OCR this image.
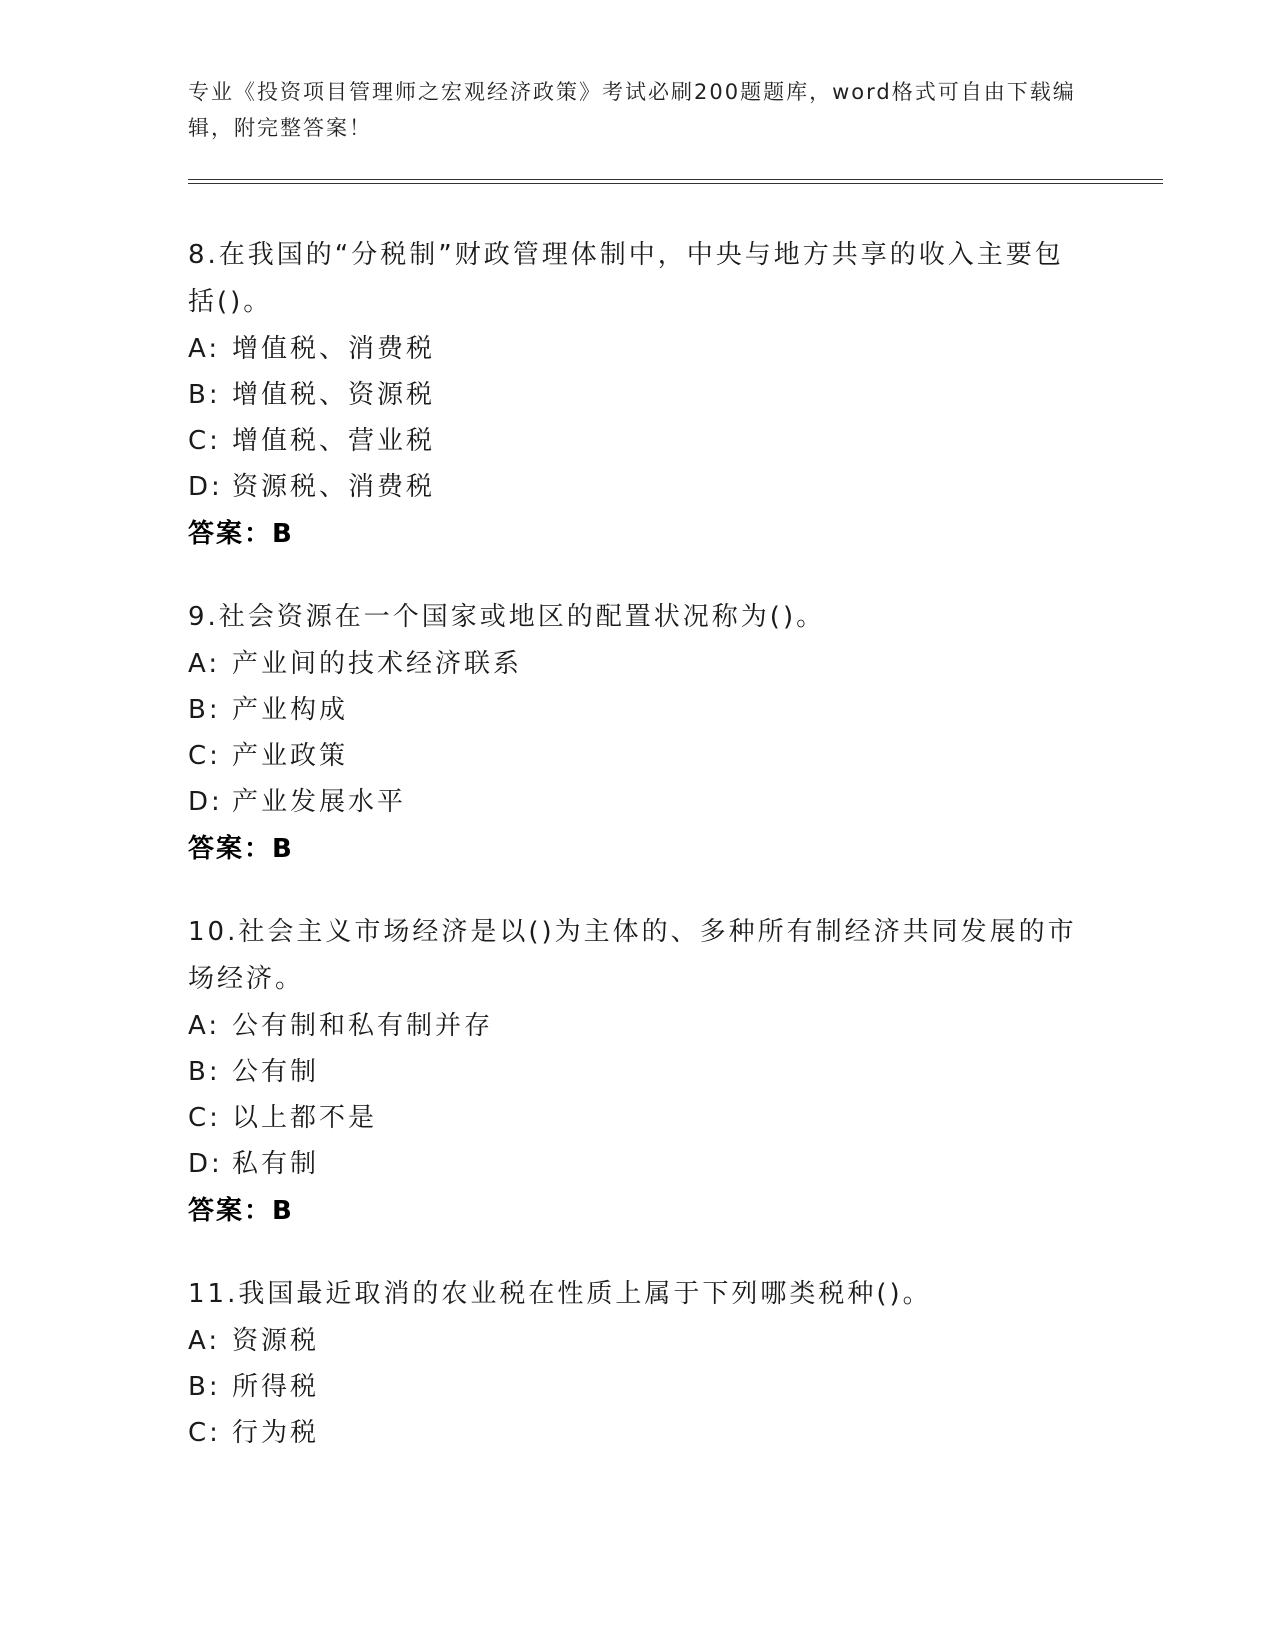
专业《投资项目管理师之宏观经济政策》考试必刷200题题库，word格式可自由下载编辑，附完整答案！
8.在我国的“分税制”财政管理体制中，中央与地方共享的收入主要包括()。
A: 增值税、消费税
B: 增值税、资源税
C: 增值税、营业税
D: 资源税、消费税
答案：B
9.社会资源在一个国家或地区的配置状况称为()。
A: 产业间的技术经济联系
B: 产业构成
C: 产业政策
D: 产业发展水平
答案：B
10.社会主义市场经济是以()为主体的、多种所有制经济共同发展的市场经济。
A: 公有制和私有制并存
B: 公有制
C: 以上都不是
D: 私有制
答案：B
11.我国最近取消的农业税在性质上属于下列哪类税种()。
A: 资源税
B: 所得税
C: 行为税
